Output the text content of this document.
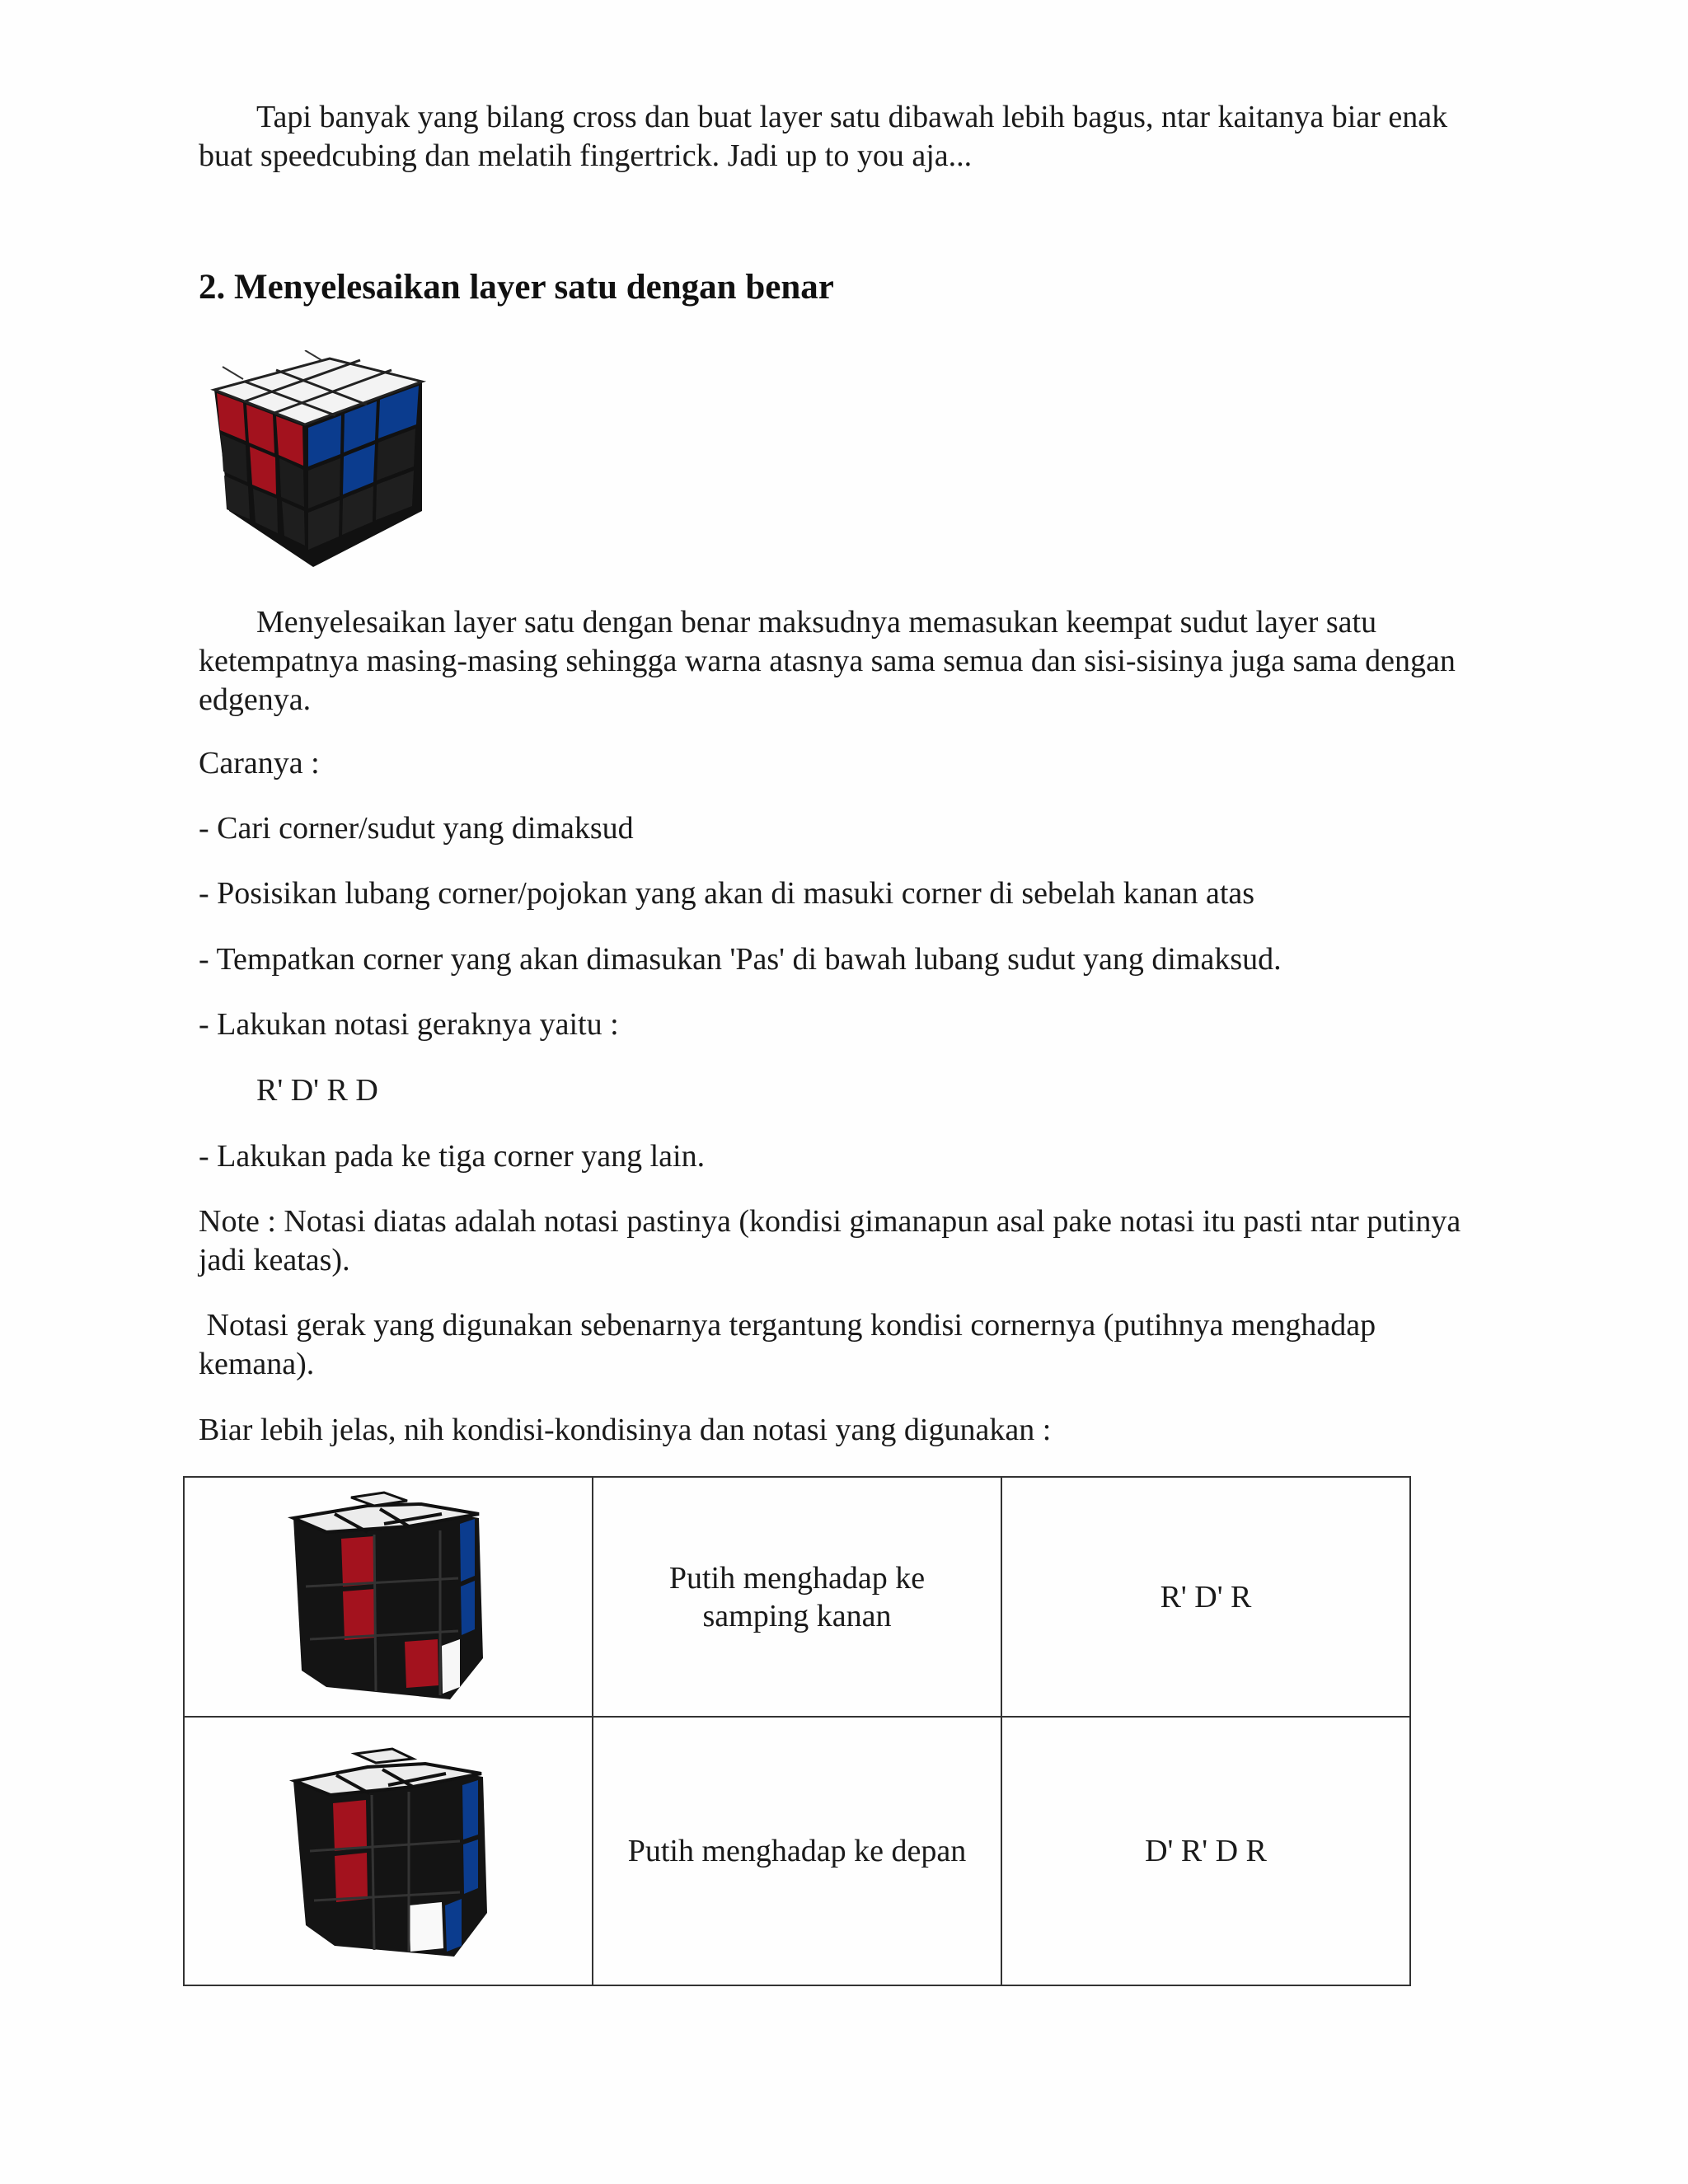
Tapi banyak yang bilang cross dan buat layer satu dibawah lebih bagus, ntar kaitanya biar enak buat speedcubing dan melatih fingertrick. Jadi up to you aja...

2. Menyelesaikan layer satu dengan benar

Menyelesaikan layer satu dengan benar maksudnya memasukan keempat sudut layer satu ketempatnya masing-masing sehingga warna atasnya sama semua dan sisi-sisinya juga sama dengan edgenya.

Caranya :

- Cari corner/sudut yang dimaksud

- Posisikan lubang corner/pojokan yang akan di masuki corner di sebelah kanan atas

- Tempatkan corner yang akan dimasukan 'Pas' di bawah lubang sudut yang dimaksud.

- Lakukan notasi geraknya yaitu :

R' D' R D

- Lakukan pada ke tiga corner yang lain.

Note : Notasi diatas adalah notasi pastinya (kondisi gimanapun asal pake notasi itu pasti ntar putinya jadi keatas).

Notasi gerak yang digunakan sebenarnya tergantung kondisi cornernya (putihnya menghadap kemana).

Biar lebih jelas, nih kondisi-kondisinya dan notasi yang digunakan :

	Putih menghadap ke samping kanan	R' D' R
	Putih menghadap ke depan	D' R' D R
